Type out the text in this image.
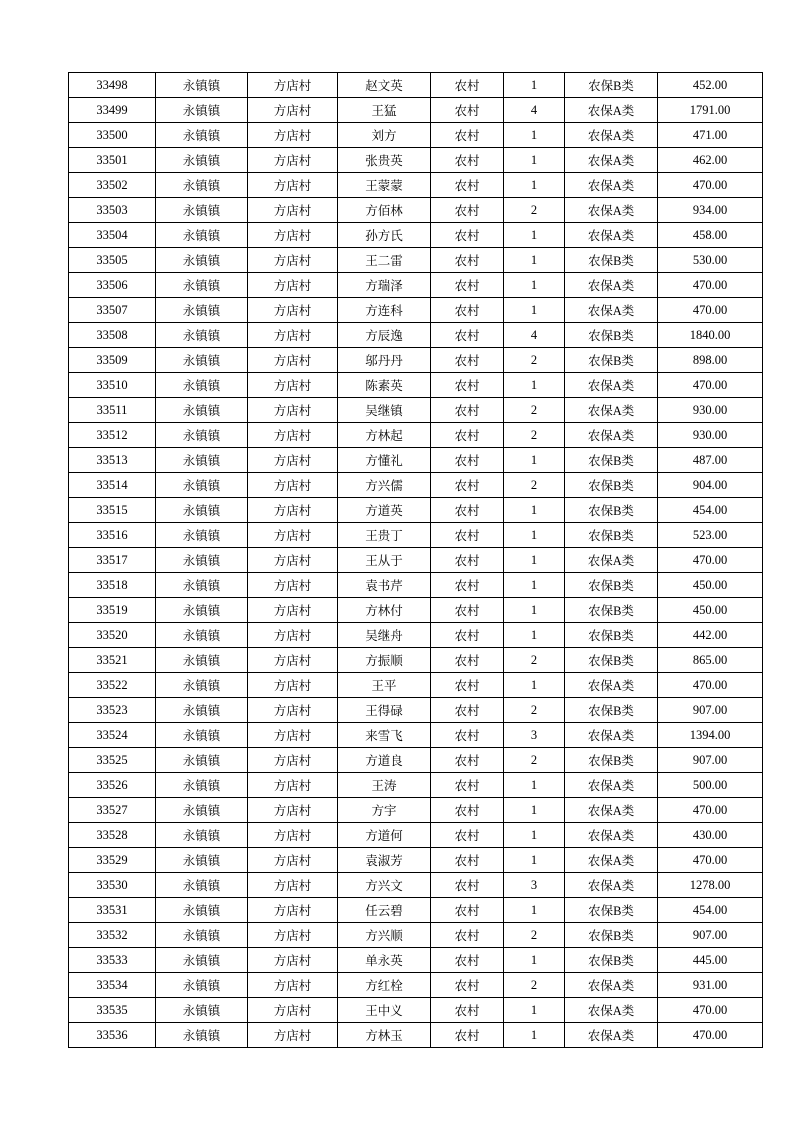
33498	永镇镇	方店村	赵文英	农村	1	农保B类	452.00
33499	永镇镇	方店村	王猛	农村	4	农保A类	1791.00
33500	永镇镇	方店村	刘方	农村	1	农保A类	471.00
33501	永镇镇	方店村	张贵英	农村	1	农保A类	462.00
33502	永镇镇	方店村	王蒙蒙	农村	1	农保A类	470.00
33503	永镇镇	方店村	方佰林	农村	2	农保A类	934.00
33504	永镇镇	方店村	孙方氏	农村	1	农保A类	458.00
33505	永镇镇	方店村	王二雷	农村	1	农保B类	530.00
33506	永镇镇	方店村	方瑞泽	农村	1	农保A类	470.00
33507	永镇镇	方店村	方连科	农村	1	农保A类	470.00
33508	永镇镇	方店村	方辰逸	农村	4	农保B类	1840.00
33509	永镇镇	方店村	邬丹丹	农村	2	农保B类	898.00
33510	永镇镇	方店村	陈素英	农村	1	农保A类	470.00
33511	永镇镇	方店村	吴继镇	农村	2	农保A类	930.00
33512	永镇镇	方店村	方林起	农村	2	农保A类	930.00
33513	永镇镇	方店村	方懂礼	农村	1	农保B类	487.00
33514	永镇镇	方店村	方兴儒	农村	2	农保B类	904.00
33515	永镇镇	方店村	方道英	农村	1	农保B类	454.00
33516	永镇镇	方店村	王贵丁	农村	1	农保B类	523.00
33517	永镇镇	方店村	王从于	农村	1	农保A类	470.00
33518	永镇镇	方店村	袁书芹	农村	1	农保B类	450.00
33519	永镇镇	方店村	方林付	农村	1	农保B类	450.00
33520	永镇镇	方店村	吴继舟	农村	1	农保B类	442.00
33521	永镇镇	方店村	方振顺	农村	2	农保B类	865.00
33522	永镇镇	方店村	王平	农村	1	农保A类	470.00
33523	永镇镇	方店村	王得碌	农村	2	农保B类	907.00
33524	永镇镇	方店村	来雪飞	农村	3	农保A类	1394.00
33525	永镇镇	方店村	方道良	农村	2	农保B类	907.00
33526	永镇镇	方店村	王涛	农村	1	农保A类	500.00
33527	永镇镇	方店村	方宇	农村	1	农保A类	470.00
33528	永镇镇	方店村	方道何	农村	1	农保A类	430.00
33529	永镇镇	方店村	袁淑芳	农村	1	农保A类	470.00
33530	永镇镇	方店村	方兴文	农村	3	农保A类	1278.00
33531	永镇镇	方店村	任云碧	农村	1	农保B类	454.00
33532	永镇镇	方店村	方兴顺	农村	2	农保B类	907.00
33533	永镇镇	方店村	单永英	农村	1	农保B类	445.00
33534	永镇镇	方店村	方红栓	农村	2	农保A类	931.00
33535	永镇镇	方店村	王中义	农村	1	农保A类	470.00
33536	永镇镇	方店村	方林玉	农村	1	农保A类	470.00
